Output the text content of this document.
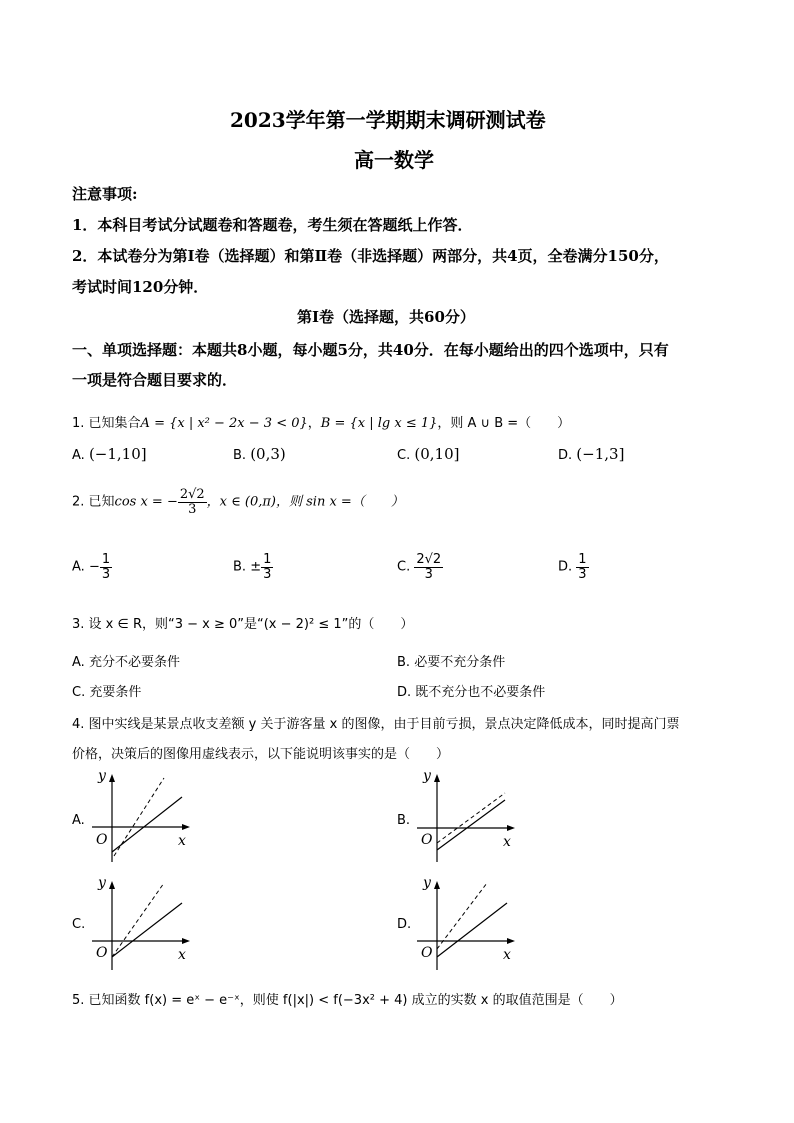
2023学年第一学期期末调研测试卷
高一数学
注意事项:
1．本科目考试分试题卷和答题卷，考生须在答题纸上作答．
2．本试卷分为第Ⅰ卷（选择题）和第Ⅱ卷（非选择题）两部分，共4页，全卷满分150分，
考试时间120分钟．
第Ⅰ卷（选择题，共60分）
一、单项选择题：本题共8小题，每小题5分，共40分．在每小题给出的四个选项中，只有
一项是符合题目要求的．
1. 已知集合A = {x | x² − 2x − 3 < 0}，B = {x | lg x ≤ 1}，则 A ∪ B =（　　）
A. (−1,10]	B. (0,3)	C. (0,10]	D. (−1,3]
2. 已知cos x = − $\frac{2√2}{3}$ ，x ∈ (0,π)，则 sin x =（　　）
A. − $\frac{1}{3}$	B. ± $\frac{1}{3}$	C. $\frac{2√2}{3}$	D. $\frac{1}{3}$
3. 设 x ∈ R，则“3 − x ≥ 0”是“(x − 2)² ≤ 1”的（　　）
A. 充分不必要条件	B. 必要不充分条件
C. 充要条件	D. 既不充分也不必要条件
4. 图中实线是某景点收支差额 y 关于游客量 x 的图像，由于目前亏损，景点决定降低成本，同时提高门票
价格，决策后的图像用虚线表示，以下能说明该事实的是（　　）
A.	B.
C.	D.
y
x
O
y
x
O
y
x
O
y
x
O
5. 已知函数 f(x) = eˣ − e⁻ˣ，则使 f(|x|) < f(−3x² + 4) 成立的实数 x 的取值范围是（　　）
